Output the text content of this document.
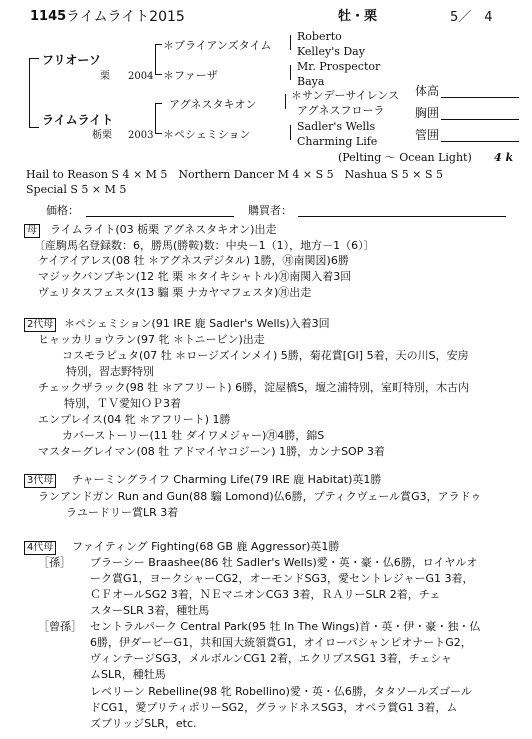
1145 ライムライト2015	牡・栗	5／　4
フリオーソ
栗 2004
＊ブライアンズタイム
＊ファーザ
Roberto
Kelley's Day
Mr. Prospector
Baya
ライムライト
栃栗 2003
アグネスタキオン
＊ペシェミション
＊サンデーサイレンス
アグネスフローラ
Sadler's Wells
Charming Life
(Pelting ～ Ocean Light) 4 k
体高
胸囲
管囲
Hail to Reason S 4 × M 5　Northern Dancer M 4 × S 5　Nashua S 5 × S 5
Special S 5 × M 5
価格：	購買者：
母 ライムライト(03 栃栗 アグネスタキオン)出走
〔産駒馬名登録数：6，勝馬(勝鞍)数：中央－1（1），地方－1（6）〕
ケイアイアレス(08 牡 ＊アグネスデジタル) 1勝，㊊南関図)6勝
マジックバンブキン(12 牝 栗 ＊タイキシャトル)㊊南関入着3回
ヴェリタスフェスタ(13 騸 栗 ナカヤマフェスタ)㊊出走
2代母 ＊ペシェミション(91 IRE 鹿 Sadler's Wells)入着3回
ヒャッカリョウラン(97 牝 ＊トニービン)出走
コスモラピュタ(07 牡 ＊ロージズインメイ) 5勝，菊花賞[GⅠ] 5着，天の川S，安房
特別，習志野特別
チェックザラック(98 牡 ＊アフリート) 6勝，淀屋橋S，壇之浦特別，室町特別，木古内
特別，ＴＶ愛知ＯＰ3着
エンプレイス(04 牝 ＊アフリート) 1勝
カバーストーリー(11 牡 ダイワメジャー)㊊4勝，錦S
マスターグレイマン(08 牡 アドマイヤコジーン) 1勝，カンナSOP 3着
3代母 チャーミングライフ Charming Life(79 IRE 鹿 Habitat)英1勝
ランアンドガン Run and Gun(88 騸 Lomond)仏6勝，プティクヴェール賞G3，アラドゥ
ラユードリー賞LR 3着
4代母 ファイティング Fighting(68 GB 鹿 Aggressor)英1勝
［孫］ ブラーシー Braashee(86 牡 Sadler's Wells)愛・英・豪・仏6勝，ロイヤルオ
ーク賞G1，ヨークシャーCG2，オーモンドSG3，愛セントレジャーG1 3着，
ＣＦオールSG2 3着，ＮＥマニオンCG3 3着，ＲＡリーSLR 2着，チェ
スターSLR 3着，種牡馬
［曾孫］ セントラルパーク Central Park(95 牡 In The Wings)首・英・伊・豪・独・仏
6勝，伊ダービーG1，共和国大統領賞G1，オイローパシャンピオナートG2，
ヴィンテージSG3，メルボルンCG1 2着，エクリプスSG1 3着，チェシャ
ムSLR，種牡馬
レベリーン Rebelline(98 牝 Robellino)愛・英・仏6勝，タタソールズゴール
ドCG1，愛プリティポリーSG2，グラッドネスSG3，オペラ賞G1 3着，ム
ズブリッジSLR，etc.
